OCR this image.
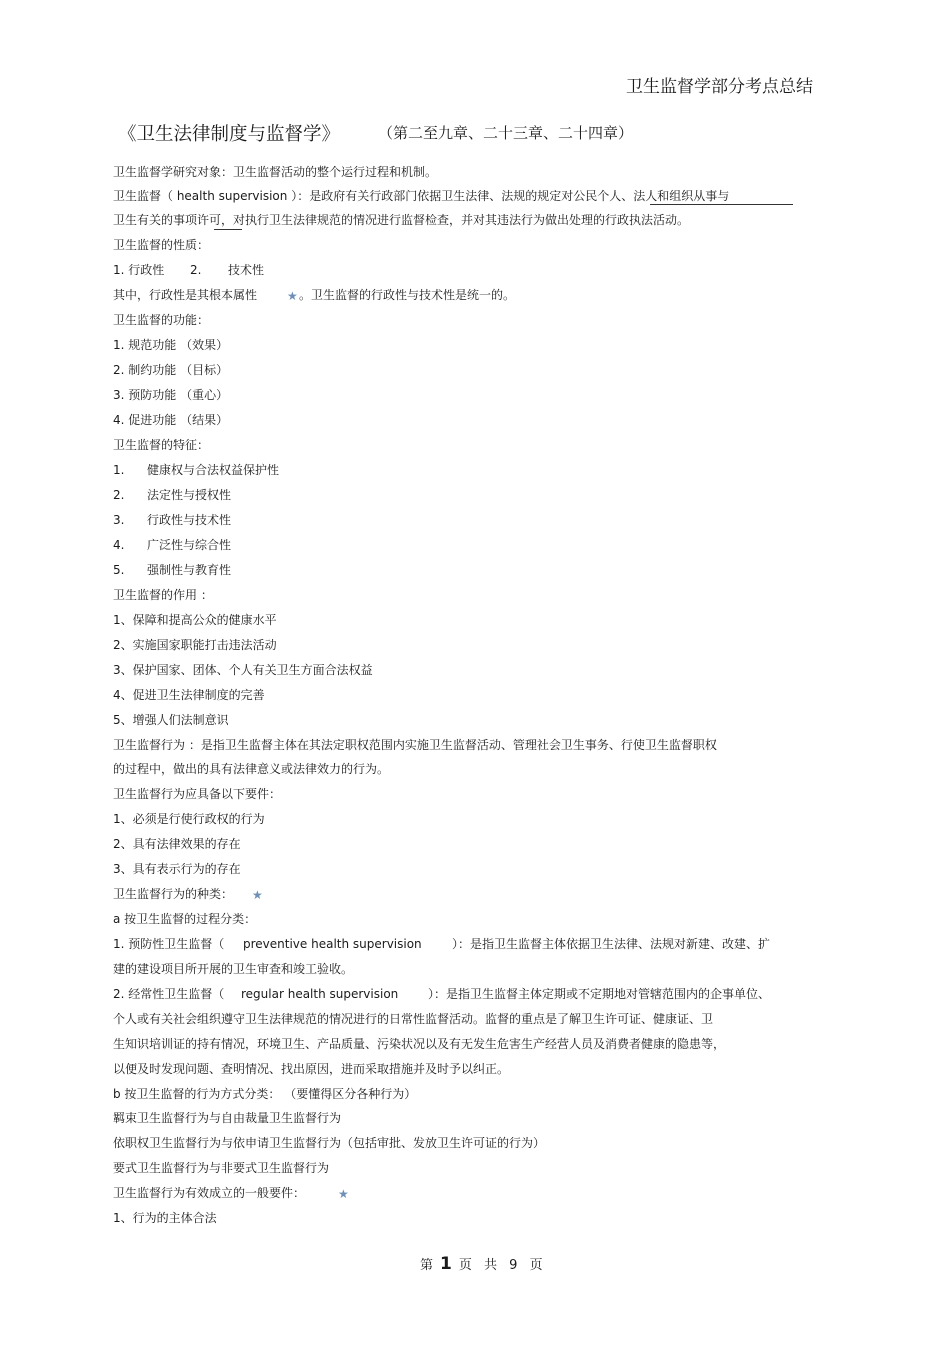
卫生监督学部分考点总结
《卫生法律制度与监督学》	（第二至九章、二十三章、二十四章）
卫生监督学研究对象：卫生监督活动的整个运行过程和机制。
卫生监督（ health supervision ）：是政府有关行政部门依据卫生法律、法规的规定对公民个人、法人和组织从事与
卫生有关的事项许可，对执行卫生法律规范的情况进行监督检查，并对其违法行为做出处理的行政执法活动。
卫生监督的性质：
1. 行政性 2. 技术性
其中，行政性是其根本属性 ★ 。卫生监督的行政性与技术性是统一的。
卫生监督的功能：
1. 规范功能 （效果）
2. 制约功能 （目标）
3. 预防功能 （重心）
4. 促进功能 （结果）
卫生监督的特征：
1. 健康权与合法权益保护性
2. 法定性与授权性
3. 行政性与技术性
4. 广泛性与综合性
5. 强制性与教育性
卫生监督的作用 ：
1、保障和提高公众的健康水平
2、实施国家职能打击违法活动
3、保护国家、团体、个人有关卫生方面合法权益
4、促进卫生法律制度的完善
5、增强人们法制意识
卫生监督行为 ：是指卫生监督主体在其法定职权范围内实施卫生监督活动、管理社会卫生事务、行使卫生监督职权
的过程中，做出的具有法律意义或法律效力的行为。
卫生监督行为应具备以下要件：
1、必须是行使行政权的行为
2、具有法律效果的存在
3、具有表示行为的存在
卫生监督行为的种类： ★
a 按卫生监督的过程分类：
1. 预防性卫生监督（ preventive health supervision	）：是指卫生监督主体依据卫生法律、法规对新建、改建、扩
建的建设项目所开展的卫生审查和竣工验收。
2. 经常性卫生监督（ regular health supervision ）：是指卫生监督主体定期或不定期地对管辖范围内的企事单位、
个人或有关社会组织遵守卫生法律规范的情况进行的日常性监督活动。监督的重点是了解卫生许可证、健康证、卫
生知识培训证的持有情况，环境卫生、产品质量、污染状况以及有无发生危害生产经营人员及消费者健康的隐患等，
以便及时发现问题、查明情况、找出原因，进而采取措施并及时予以纠正。
b 按卫生监督的行为方式分类： （要懂得区分各种行为）
羁束卫生监督行为与自由裁量卫生监督行为
依职权卫生监督行为与依申请卫生监督行为（包括审批、发放卫生许可证的行为）
要式卫生监督行为与非要式卫生监督行为
卫生监督行为有效成立的一般要件：	★
1、行为的主体合法
第 1 页 共 9 页
